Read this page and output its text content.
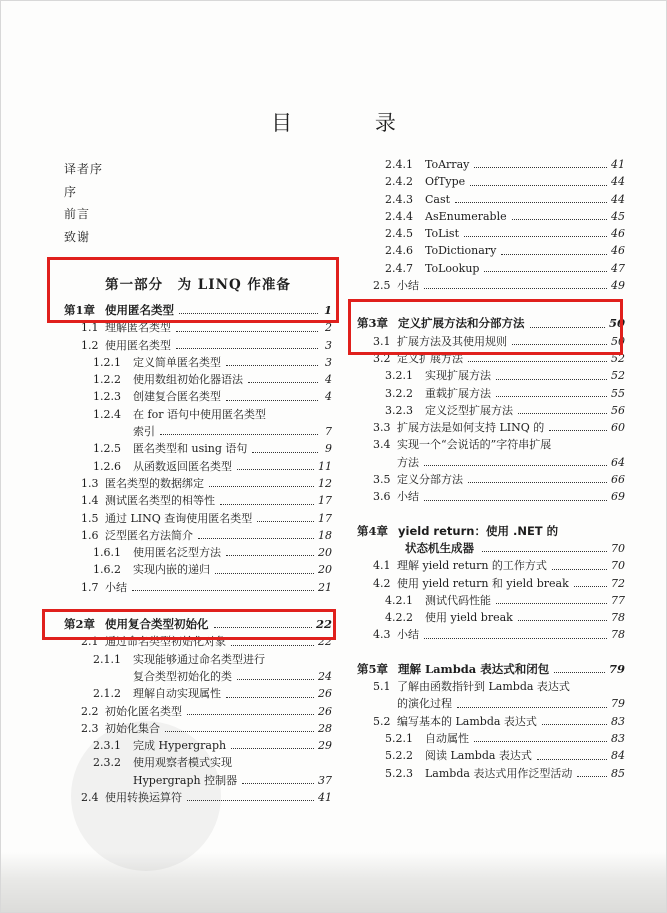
目 录
译者序
序
前言
致谢
第一部分　为 LINQ 作准备
第1章 使用匿名类型	1
1.1 理解匿名类型	2
1.2 使用匿名类型	3
1.2.1	定义简单匿名类型	3
1.2.2	使用数组初始化器语法	4
1.2.3	创建复合匿名类型	4
1.2.4	在 for 语句中使用匿名类型
索引	7
1.2.5	匿名类型和 using 语句	9
1.2.6	从函数返回匿名类型	11
1.3 匿名类型的数据绑定	12
1.4 测试匿名类型的相等性	17
1.5 通过 LINQ 查询使用匿名类型	17
1.6 泛型匿名方法简介	18
1.6.1	使用匿名泛型方法	20
1.6.2	实现内嵌的递归	20
1.7 小结	21
第2章 使用复合类型初始化	22
2.1 通过命名类型初始化对象	22
2.1.1	实现能够通过命名类型进行
复合类型初始化的类	24
2.1.2	理解自动实现属性	26
2.2 初始化匿名类型	26
2.3 初始化集合	28
2.3.1	完成 Hypergraph	29
2.3.2	使用观察者模式实现
Hypergraph 控制器	37
2.4 使用转换运算符	41
2.4.1	ToArray	41
2.4.2	OfType	44
2.4.3	Cast	44
2.4.4	AsEnumerable	45
2.4.5	ToList	46
2.4.6	ToDictionary	46
2.4.7	ToLookup	47
2.5 小结	49
第3章 定义扩展方法和分部方法	50
3.1 扩展方法及其使用规则	50
3.2 定义扩展方法	52
3.2.1	实现扩展方法	52
3.2.2	重载扩展方法	55
3.2.3	定义泛型扩展方法	56
3.3 扩展方法是如何支持 LINQ 的	60
3.4 实现一个“会说话的”字符串扩展
方法	64
3.5 定义分部方法	66
3.6 小结	69
第4章 yield return：使用 .NET 的
状态机生成器	70
4.1 理解 yield return 的工作方式	70
4.2 使用 yield return 和 yield break	72
4.2.1	测试代码性能	77
4.2.2	使用 yield break	78
4.3 小结	78
第5章 理解 Lambda 表达式和闭包	79
5.1 了解由函数指针到 Lambda 表达式
的演化过程	79
5.2 编写基本的 Lambda 表达式	83
5.2.1	自动属性	83
5.2.2	阅读 Lambda 表达式	84
5.2.3	Lambda 表达式用作泛型活动	85
